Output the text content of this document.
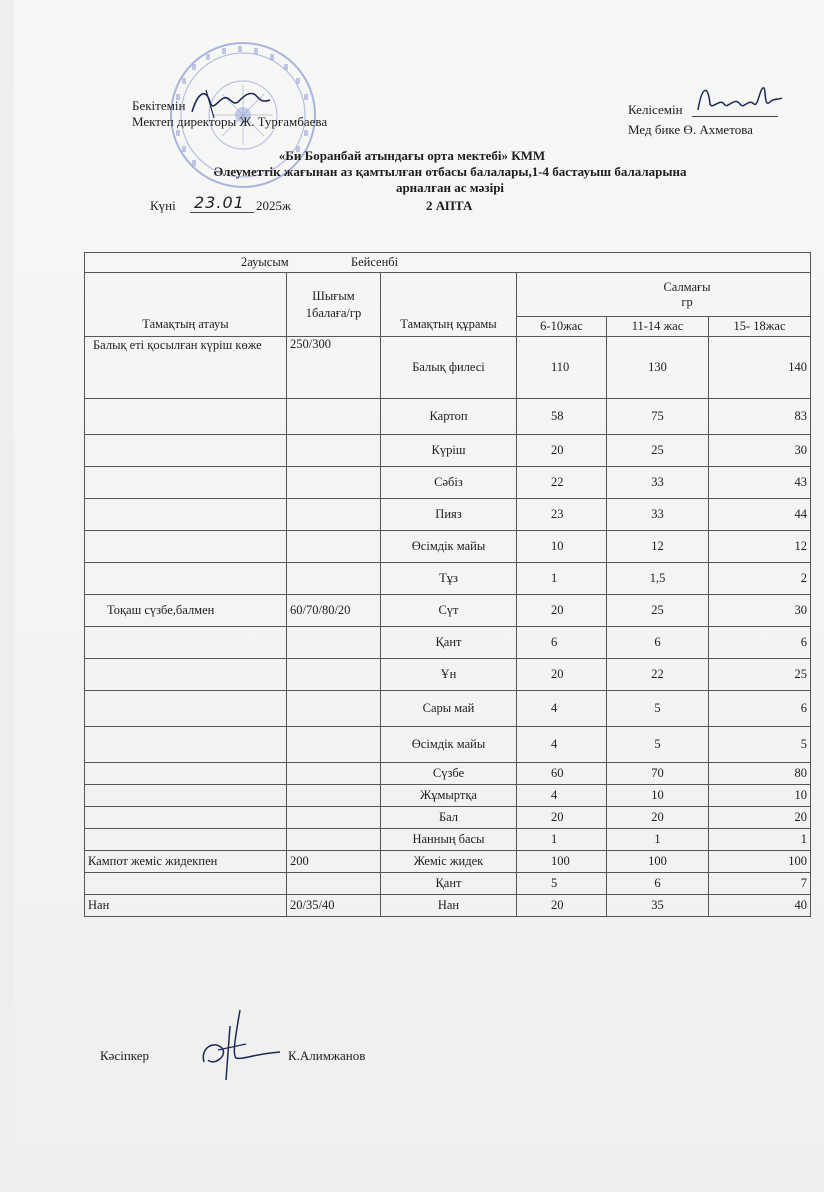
Бекітемін
Мектеп директоры Ж. Турғамбаева
Келісемін
Мед бике Ө. Ахметова
«Би Боранбай атындағы орта мектебі» КММ
Әлеуметтік жағынан аз қамтылған отбасы балалары,1-4 бастауыш балаларына
арналған ас мәзірі
Күні 23.01 2025ж	2 АПТА
2ауысым Бейсенбі					
Тамақтың атауы	Шығым 1балаға/гр	Тамақтың құрамы	Салмағы
гр		

			6-10жас	11-14 жас	15- 18жас
Балық еті қосылған күріш көже	250/300	Балық филесі	110	130	140
		Картоп	58	75	83
		Күріш	20	25	30
		Сәбіз	22	33	43
		Пияз	23	33	44
		Өсімдік майы	10	12	12
		Тұз	1	1,5	2
Тоқаш сүзбе,балмен	60/70/80/20	Сүт	20	25	30
		Қант	6	6	6
		Ұн	20	22	25
		Сары май	4	5	6
		Өсімдік майы	4	5	5
		Сүзбе	60	70	80
		Жұмыртқа	4	10	10
		Бал	20	20	20
		Нанның басы	1	1	1
Кампот жеміс жидекпен	200	Жеміс жидек	100	100	100
		Қант	5	6	7
Нан	20/35/40	Нан	20	35	40
Кәсіпкер	К.Алимжанов
